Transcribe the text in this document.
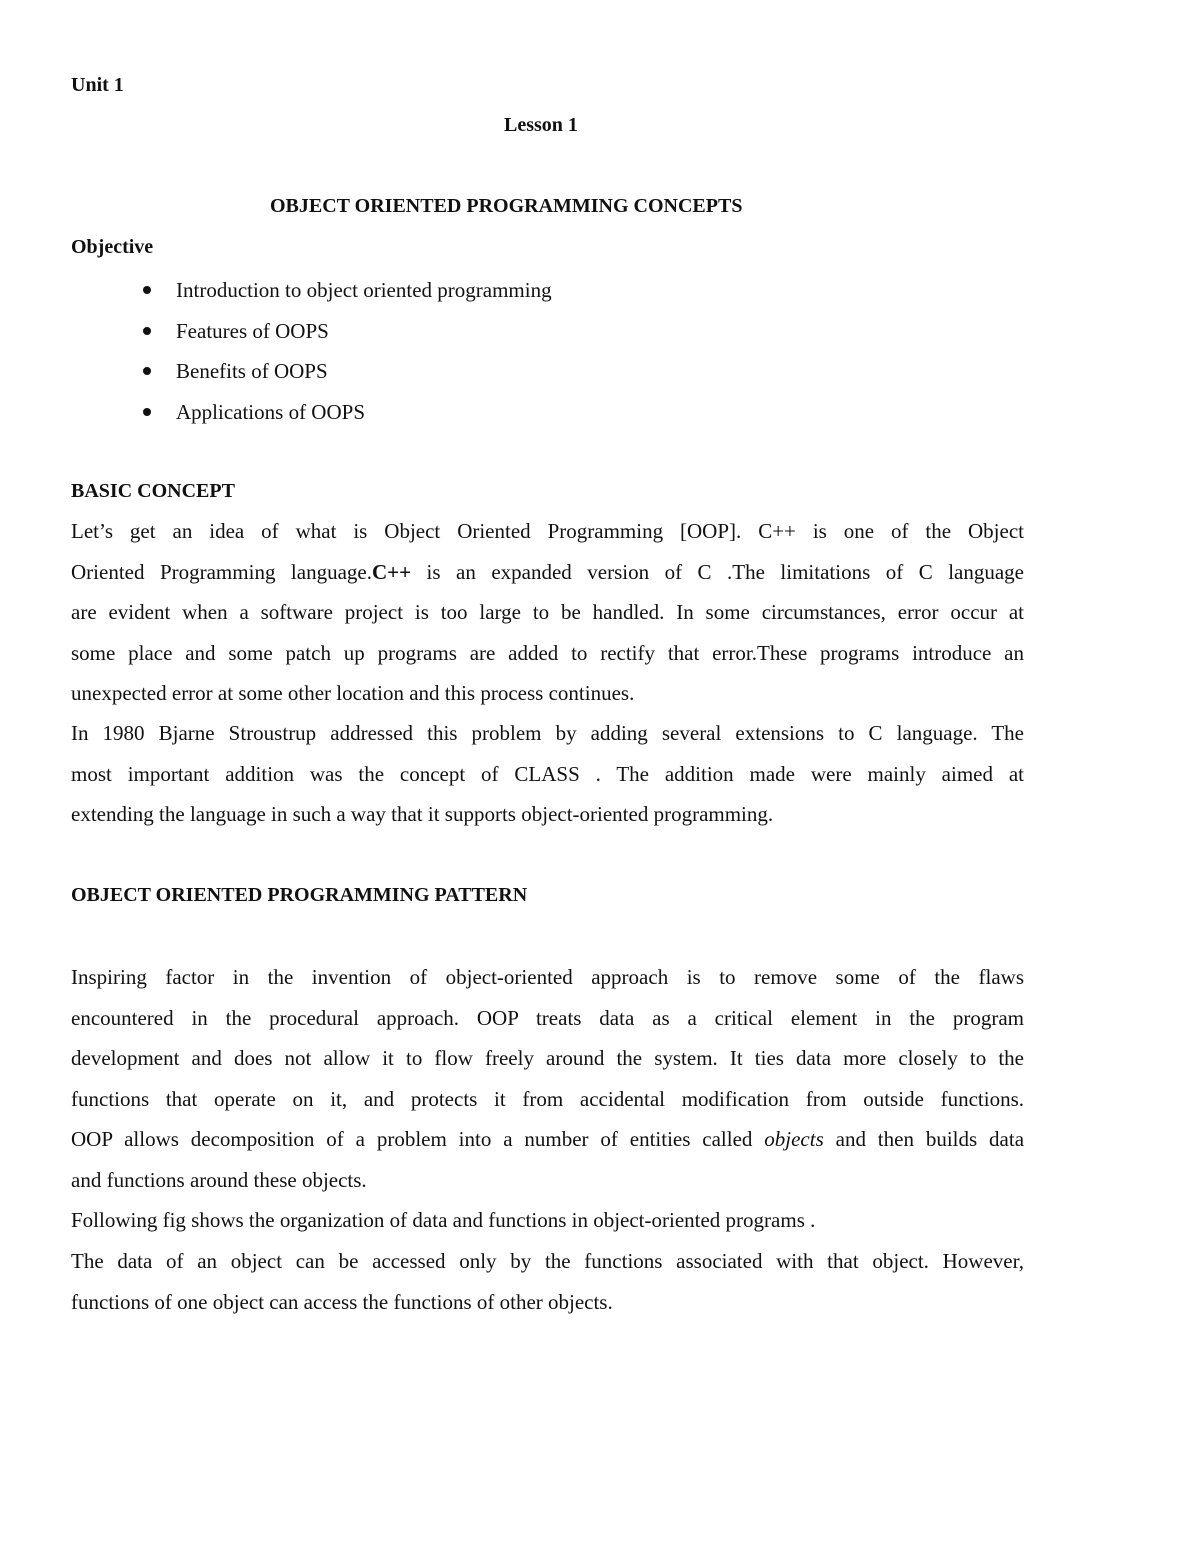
Unit 1
Lesson 1
OBJECT ORIENTED PROGRAMMING CONCEPTS
Objective
Introduction to object oriented programming
Features of OOPS
Benefits of OOPS
Applications of OOPS
BASIC CONCEPT
Let’s get an idea of what is Object Oriented Programming [OOP]. C++ is one of the Object
Oriented Programming language.C++ is an expanded version of C .The limitations of C language
are evident when a software project is too large to be handled. In some circumstances, error occur at
some place and some patch up programs are added to rectify that error.These programs introduce an
unexpected error at some other location and this process continues.
In 1980 Bjarne Stroustrup addressed this problem by adding several extensions to C language. The
most important addition was the concept of CLASS . The addition made were mainly aimed at
extending the language in such a way that it supports object-oriented programming.
OBJECT ORIENTED PROGRAMMING PATTERN
Inspiring factor in the invention of object-oriented approach is to remove some of the flaws
encountered in the procedural approach. OOP treats data as a critical element in the program
development and does not allow it to flow freely around the system. It ties data more closely to the
functions that operate on it, and protects it from accidental modification from outside functions.
OOP allows decomposition of a problem into a number of entities called objects and then builds data
and functions around these objects.
Following fig shows the organization of data and functions in object-oriented programs .
The data of an object can be accessed only by the functions associated with that object. However,
functions of one object can access the functions of other objects.
